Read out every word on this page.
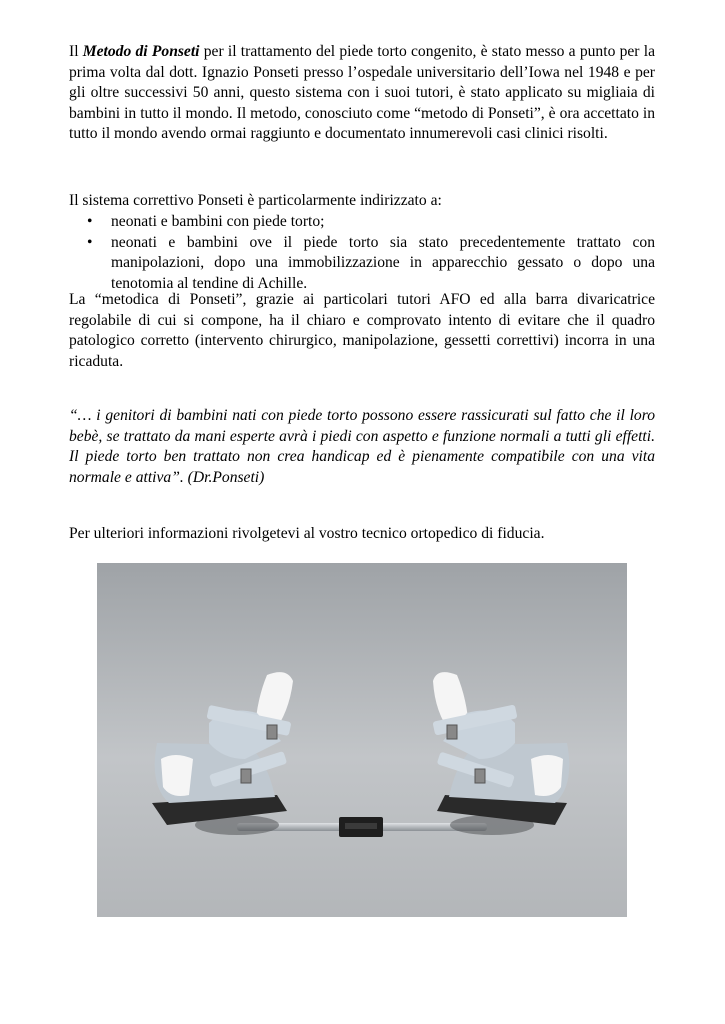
Il Metodo di Ponseti per il trattamento del piede torto congenito, è stato messo a punto per la prima volta dal dott. Ignazio Ponseti presso l’ospedale universitario dell’Iowa nel 1948 e per gli oltre successivi 50 anni, questo sistema con i suoi tutori, è stato applicato su migliaia di bambini in tutto il mondo. Il metodo, conosciuto come “metodo di Ponseti”, è ora accettato in tutto il mondo avendo ormai raggiunto e documentato innumerevoli casi clinici risolti.

Il sistema correttivo Ponseti è particolarmente indirizzato a:

• neonati e bambini con piede torto;
• neonati e bambini ove il piede torto sia stato precedentemente trattato con manipolazioni, dopo una immobilizzazione in apparecchio gessato o dopo una tenotomia al tendine di Achille.

La “metodica di Ponseti”, grazie ai particolari tutori AFO ed alla barra divaricatrice regolabile di cui si compone, ha il chiaro e comprovato intento di evitare che il quadro patologico corretto (intervento chirurgico, manipolazione, gessetti correttivi) incorra in una ricaduta.

“… i genitori di bambini nati con piede torto possono essere rassicurati sul fatto che il loro bebè, se trattato da mani esperte avrà i piedi con aspetto e funzione normali a tutti gli effetti. Il piede torto ben trattato non crea handicap ed è pienamente compatibile con una vita normale e attiva”. (Dr.Ponseti)

Per ulteriori informazioni rivolgetevi al vostro tecnico ortopedico di fiducia.
